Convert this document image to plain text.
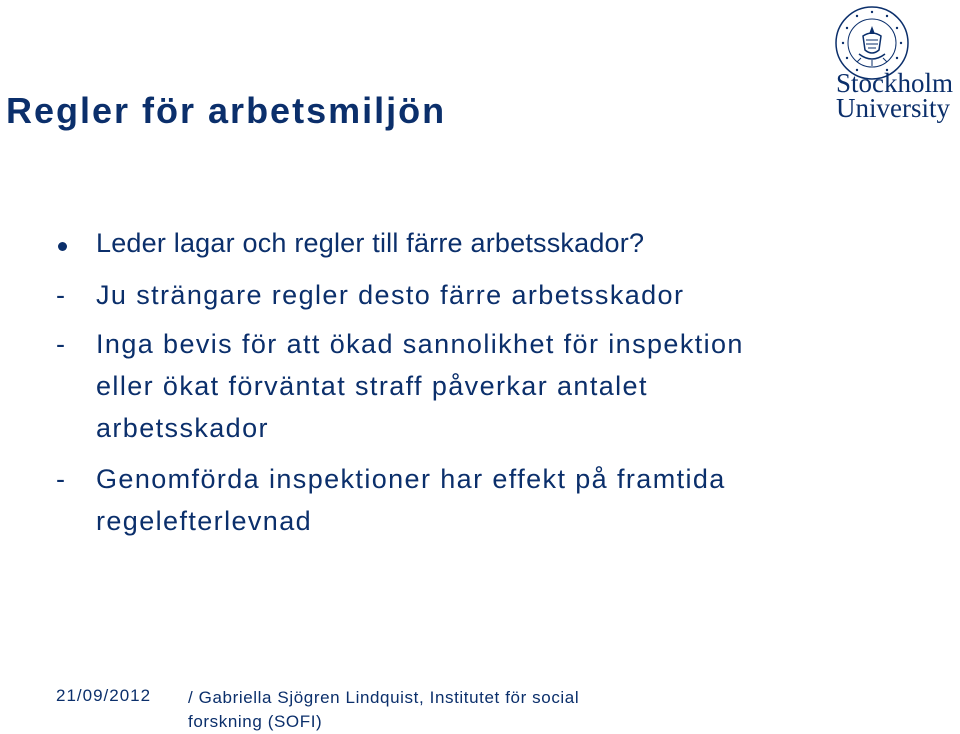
Regler för arbetsmiljön
Stockholm
University
Leder lagar och regler till färre arbetsskador?
- Ju strängare regler desto färre arbetsskador
- Inga bevis för att ökad sannolikhet för inspektion
eller ökat förväntat straff påverkar antalet
arbetsskador
- Genomförda inspektioner har effekt på framtida
regelefterlevnad
21/09/2012 / Gabriella Sjögren Lindquist, Institutet för social
forskning (SOFI)
